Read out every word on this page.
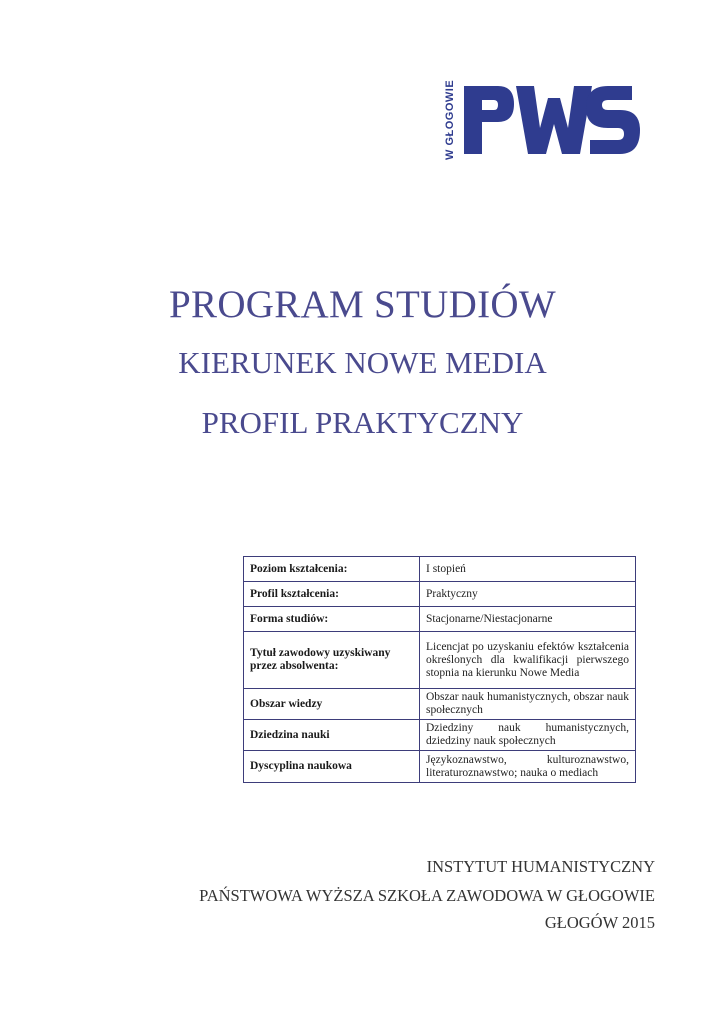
W GŁOGOWIE
PROGRAM STUDIÓW
KIERUNEK NOWE MEDIA
PROFIL PRAKTYCZNY
Poziom kształcenia:	I stopień
Profil kształcenia:	Praktyczny
Forma studiów:	Stacjonarne/Niestacjonarne
Tytuł zawodowy uzyskiwany przez absolwenta:	Licencjat po uzyskaniu efektów kształcenia określonych dla kwalifikacji pierwszego stopnia na kierunku Nowe Media
Obszar wiedzy	Obszar nauk humanistycznych, obszar nauk społecznych
Dziedzina nauki	Dziedziny nauk humanistycznych, dziedziny nauk społecznych
Dyscyplina naukowa	Językoznawstwo, kulturoznawstwo, literaturoznawstwo; nauka o mediach
INSTYTUT HUMANISTYCZNY
PAŃSTWOWA WYŻSZA SZKOŁA ZAWODOWA W GŁOGOWIE
GŁOGÓW 2015
